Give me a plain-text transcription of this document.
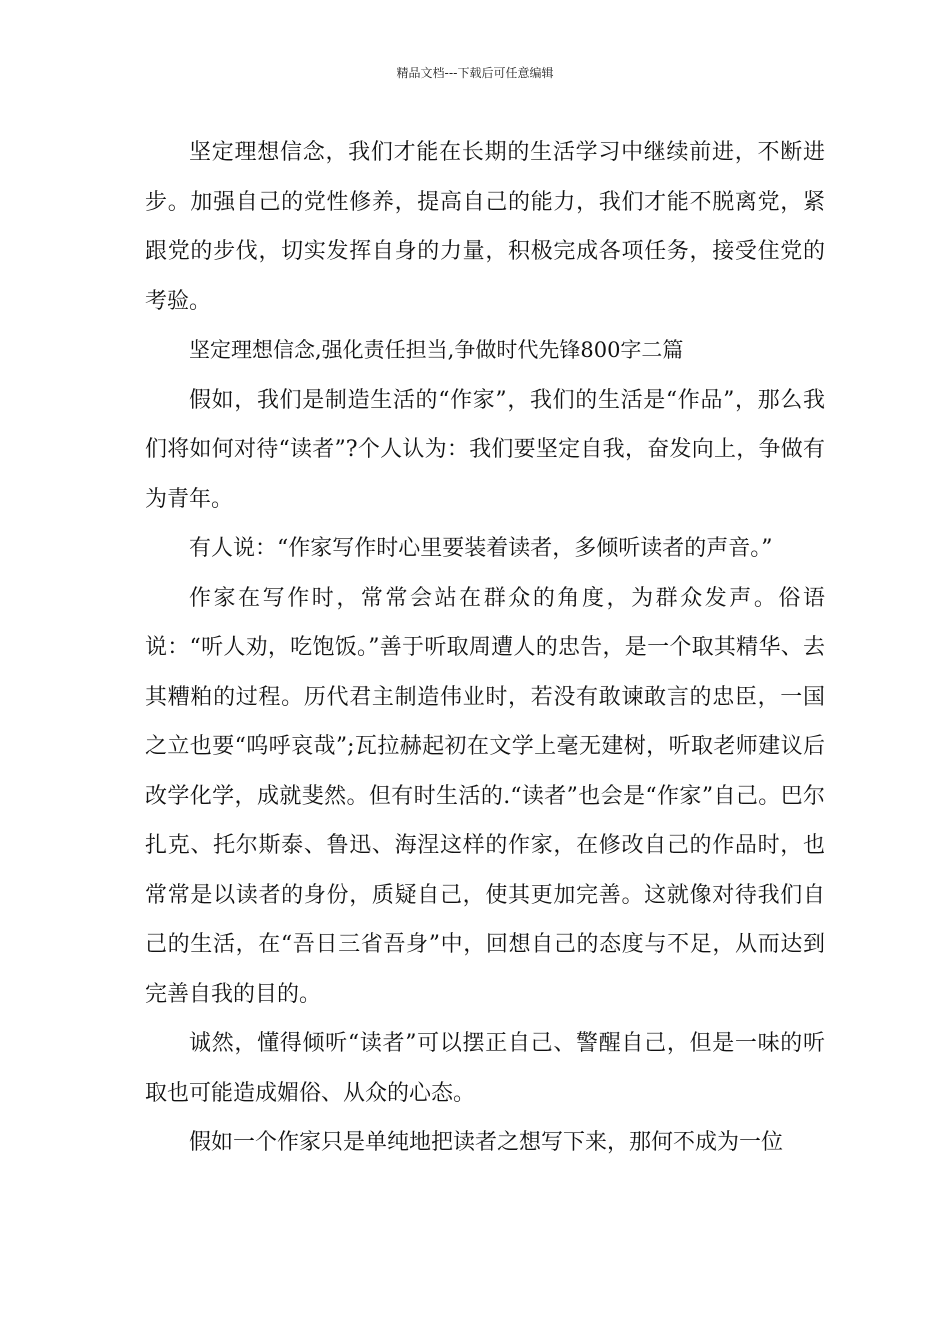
精品文档---下载后可任意编辑

坚定理想信念，我们才能在长期的生活学习中继续前进，不断进步。加强自己的党性修养，提高自己的能力，我们才能不脱离党，紧跟党的步伐，切实发挥自身的力量，积极完成各项任务，接受住党的考验。

坚定理想信念,强化责任担当,争做时代先锋800字二篇

假如，我们是制造生活的“作家”，我们的生活是“作品”，那么我们将如何对待“读者”?个人认为：我们要坚定自我，奋发向上，争做有为青年。

有人说：“作家写作时心里要装着读者，多倾听读者的声音。”

作家在写作时，常常会站在群众的角度，为群众发声。俗语说：“听人劝，吃饱饭。”善于听取周遭人的忠告，是一个取其精华、去其糟粕的过程。历代君主制造伟业时，若没有敢谏敢言的忠臣，一国之立也要“呜呼哀哉”;瓦拉赫起初在文学上毫无建树，听取老师建议后改学化学，成就斐然。但有时生活的.“读者”也会是“作家”自己。巴尔扎克、托尔斯泰、鲁迅、海涅这样的作家，在修改自己的作品时，也常常是以读者的身份，质疑自己，使其更加完善。这就像对待我们自己的生活，在“吾日三省吾身”中，回想自己的态度与不足，从而达到完善自我的目的。

诚然，懂得倾听“读者”可以摆正自己、警醒自己，但是一味的听取也可能造成媚俗、从众的心态。

假如一个作家只是单纯地把读者之想写下来，那何不成为一位
